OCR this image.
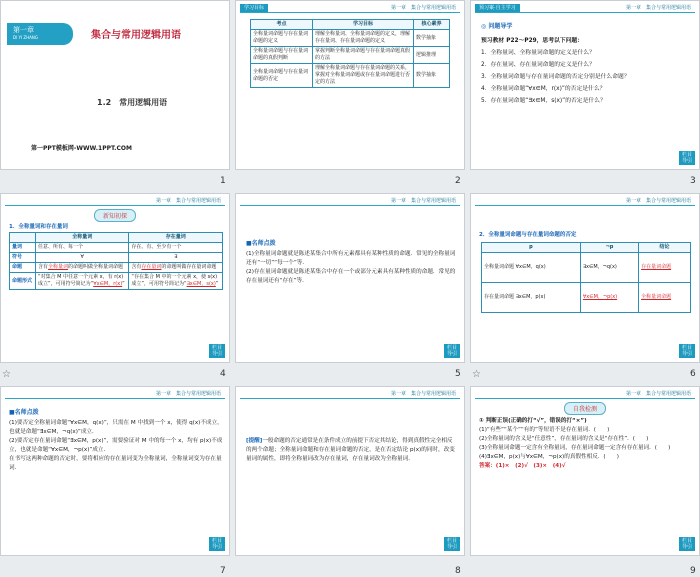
第一章
DI YI ZHANG	集合与常用逻辑用语
1.2　常用逻辑用语
第一PPT模板网-WWW.1PPT.COM
1
学习目标	第一章　集合与常用逻辑用语
考点	学习目标	核心素养
全称量词命题与存在量词命题的定义	理解全称量词、全称量词命题的定义，理解存在量词、存在量词命题的定义	数学抽象
全称量词命题与存在量词命题的真假判断	掌握判断全称量词命题与存在量词命题真假的方法	逻辑推理
全称量词命题与存在量词命题的否定	理解全称量词命题与存在量词命题的关系，掌握对全称量词命题或存在量词命题进行否定的方法	数学抽象
2
预习案·自主学习	第一章　集合与常用逻辑用语
◎ 问题导学
预习教材 P22～P29，思考以下问题：
1．全称量词、全称量词命题的定义是什么？
2．存在量词、存在量词命题的定义是什么？
3．全称量词命题与存在量词命题的否定分别是什么命题？
4．全称量词命题“∀x∈M，r(x)”的否定是什么？
5．存在量词命题“∃x∈M，s(x)”的否定是什么？
栏目导引
3
第一章　集合与常用逻辑用语
新知初探
1．全称量词和存在量词
	全称量词	存在量词
量词	任意、所有、每一个	存在、有、至少有一个
符号	∀	∃
命题	含有全称量词的命题叫做全称量词命题	含有存在量词的命题叫做存在量词命题
命题形式	“对集合 M 中任意一个元素 x，有 r(x)成立”，可用符号简记为“∀x∈M，r(x)”	“存在集合 M 中的一个元素 x，使 s(x)成立”，可用符号简记为“∃x∈M，s(x)”
栏目导引
☆	4
第一章　集合与常用逻辑用语
■名师点拨
(1)全称量词命题就是陈述某集合中所有元素都具有某种性质的命题．常见的全称量词还有“一切”“每一个”等．
(2)存在量词命题就是陈述某集合中存在一个或部分元素具有某种性质的命题．常见的存在量词还有“存在”等．
栏目导引
5
第一章　集合与常用逻辑用语
2．全称量词命题与存在量词命题的否定
p	¬p	结论
全称量词命题 ∀x∈M，q(x)	∃x∈M，¬q(x)	存在量词命题
存在量词命题 ∃x∈M，p(x)	∀x∈M，¬p(x)	全称量词命题
栏目导引
☆	6
第一章　集合与常用逻辑用语
■名师点拨
(1)要否定全称量词命题“∀x∈M，q(x)”，只需在 M 中找到一个 x，使得 q(x)不成立，也就是命题“∃x∈M，¬q(x)”成立．
(2)要否定存在量词命题“∃x∈M，p(x)”，需要验证对 M 中的每一个 x，均有 p(x)不成立，也就是命题“∀x∈M，¬p(x)”成立．
在书写这两种命题的否定时，要将相应的存在量词变为全称量词，全称量词变为存在量词．
栏目导引
7
第一章　集合与常用逻辑用语
[提醒]一般命题的否定通常是在条件成立的前提下否定其结论，得到真假性完全相反的两个命题；全称量词命题和存在量词命题的否定，是在否定结论 p(x)的同时，改变量词的属性，即将全称量词改为存在量词，存在量词改为全称量词．
栏目导引
8
第一章　集合与常用逻辑用语
自我检测
① 判断正误(正确的打“√”，错误的打“×”)
(1)“有些”“某个”“有的”等短语不是存在量词．(　　)
(2)全称量词的含义是“任意性”，存在量词的含义是“存在性”．(　　)
(3)全称量词命题一定含有全称量词，存在量词命题一定含有存在量词．(　　)
(4)∃x∈M，p(x)与∀x∈M，¬p(x)的真假性相反．(　　)
答案：(1)×　(2)√　(3)×　(4)√
栏目导引
9
